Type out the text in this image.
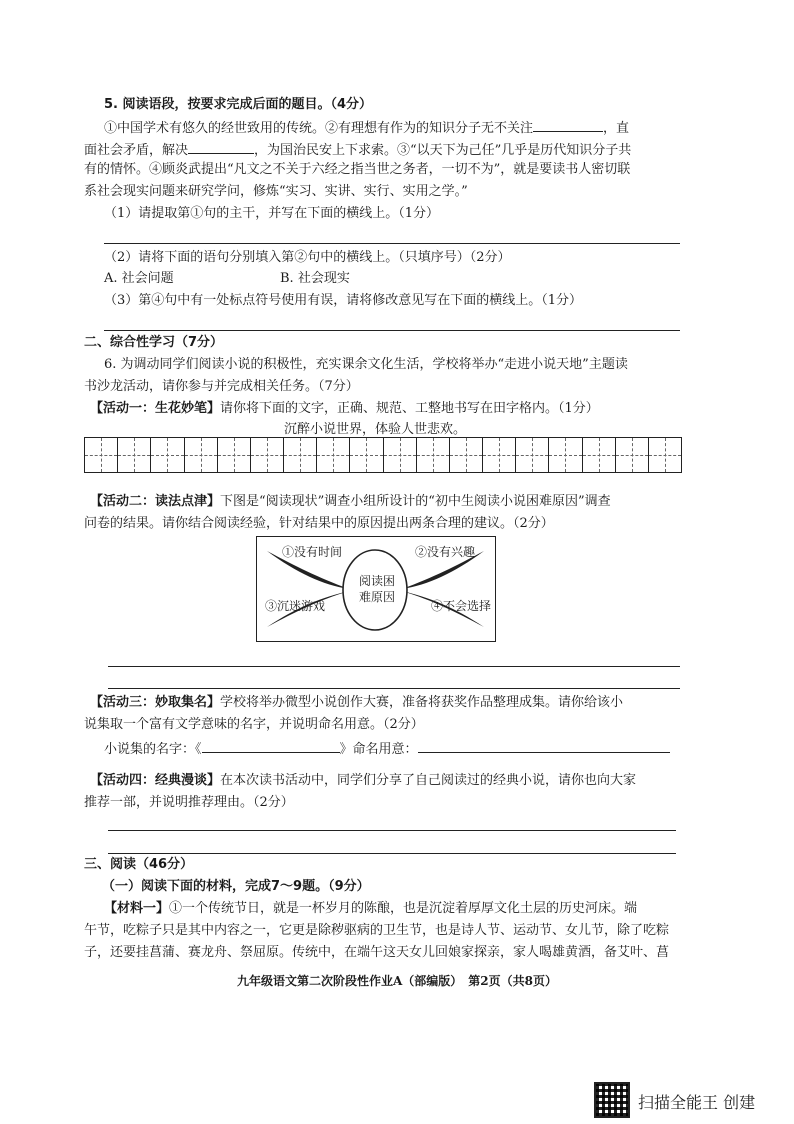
5. 阅读语段，按要求完成后面的题目。（4分）
①中国学术有悠久的经世致用的传统。②有理想有作为的知识分子无不关注	，直
面社会矛盾，解决	，为国治民安上下求索。③“以天下为己任”几乎是历代知识分子共
有的情怀。④顾炎武提出“凡文之不关于六经之指当世之务者，一切不为”，就是要读书人密切联
系社会现实问题来研究学问，修炼“实习、实讲、实行、实用之学。”
（1）请提取第①句的主干，并写在下面的横线上。（1分）
（2）请将下面的语句分别填入第②句中的横线上。（只填序号）（2分）
A. 社会问题	B. 社会现实
（3）第④句中有一处标点符号使用有误，请将修改意见写在下面的横线上。（1分）
二、综合性学习（7分）
6. 为调动同学们阅读小说的积极性，充实课余文化生活，学校将举办“走进小说天地”主题读
书沙龙活动，请你参与并完成相关任务。（7分）
【活动一：生花妙笔】请你将下面的文字，正确、规范、工整地书写在田字格内。（1分）
沉醉小说世界，体验人世悲欢。
【活动二：读法点津】下图是“阅读现状”调查小组所设计的“初中生阅读小说困难原因”调查
问卷的结果。请你结合阅读经验，针对结果中的原因提出两条合理的建议。（2分）
①没有时间	②没有兴趣
③沉迷游戏	④不会选择
阅读困难原因
【活动三：妙取集名】学校将举办微型小说创作大赛，准备将获奖作品整理成集。请你给该小
说集取一个富有文学意味的名字，并说明命名用意。（2分）
小说集的名字：《	》命名用意：
【活动四：经典漫谈】在本次读书活动中，同学们分享了自己阅读过的经典小说，请你也向大家
推荐一部，并说明推荐理由。（2分）
三、阅读（46分）
（一）阅读下面的材料，完成7～9题。（9分）
【材料一】①一个传统节日，就是一杯岁月的陈酿，也是沉淀着厚厚文化土层的历史河床。端
午节，吃粽子只是其中内容之一，它更是除秽驱病的卫生节，也是诗人节、运动节、女儿节，除了吃粽
子，还要挂菖蒲、赛龙舟、祭屈原。传统中，在端午这天女儿回娘家探亲，家人喝雄黄酒，备艾叶、菖
九年级语文第二次阶段性作业A（部编版）　第2页（共8页）
扫描全能王 创建
